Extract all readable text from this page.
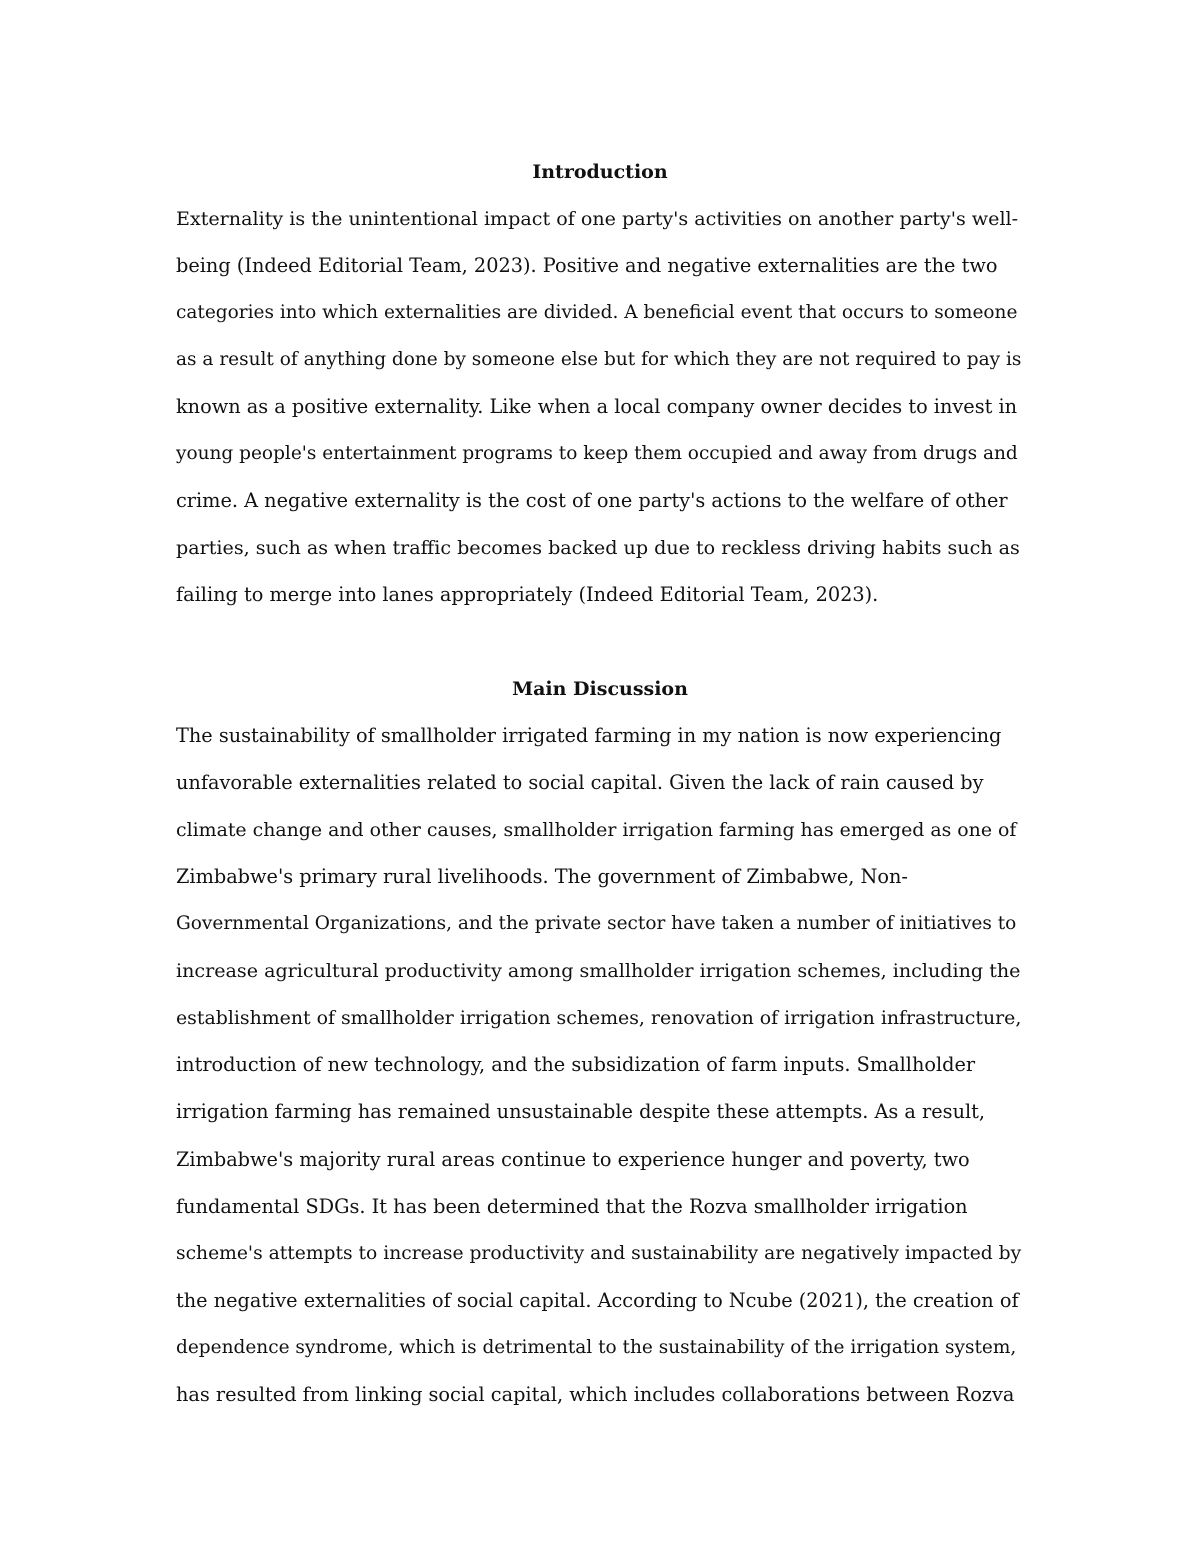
Introduction

Externality is the unintentional impact of one party's activities on another party's well-

being (Indeed Editorial Team, 2023). Positive and negative externalities are the two

categories into which externalities are divided. A beneficial event that occurs to someone

as a result of anything done by someone else but for which they are not required to pay is

known as a positive externality. Like when a local company owner decides to invest in

young people's entertainment programs to keep them occupied and away from drugs and

crime. A negative externality is the cost of one party's actions to the welfare of other

parties, such as when traffic becomes backed up due to reckless driving habits such as

failing to merge into lanes appropriately (Indeed Editorial Team, 2023).

Main Discussion

The sustainability of smallholder irrigated farming in my nation is now experiencing

unfavorable externalities related to social capital. Given the lack of rain caused by

climate change and other causes, smallholder irrigation farming has emerged as one of

Zimbabwe's primary rural livelihoods. The government of Zimbabwe, Non-

Governmental Organizations, and the private sector have taken a number of initiatives to

increase agricultural productivity among smallholder irrigation schemes, including the

establishment of smallholder irrigation schemes, renovation of irrigation infrastructure,

introduction of new technology, and the subsidization of farm inputs. Smallholder

irrigation farming has remained unsustainable despite these attempts. As a result,

Zimbabwe's majority rural areas continue to experience hunger and poverty, two

fundamental SDGs. It has been determined that the Rozva smallholder irrigation

scheme's attempts to increase productivity and sustainability are negatively impacted by

the negative externalities of social capital. According to Ncube (2021), the creation of

dependence syndrome, which is detrimental to the sustainability of the irrigation system,

has resulted from linking social capital, which includes collaborations between Rozva
